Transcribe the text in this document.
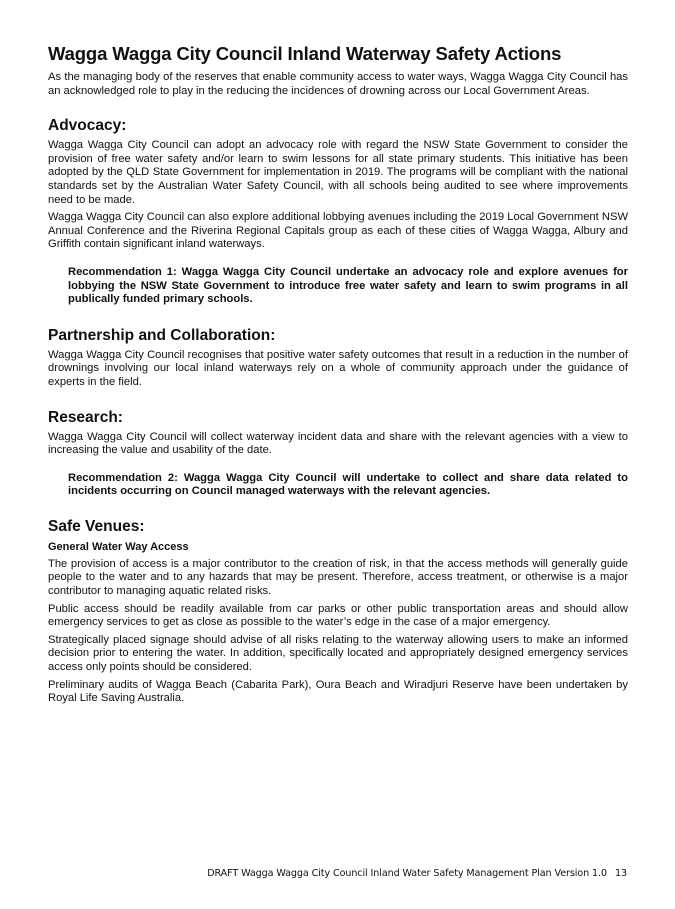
Wagga Wagga City Council Inland Waterway Safety Actions

As the managing body of the reserves that enable community access to water ways, Wagga Wagga City Council has an acknowledged role to play in the reducing the incidences of drowning across our Local Government Areas.

Advocacy:

Wagga Wagga City Council can adopt an advocacy role with regard the NSW State Government to consider the provision of free water safety and/or learn to swim lessons for all state primary students. This initiative has been adopted by the QLD State Government for implementation in 2019. The programs will be compliant with the national standards set by the Australian Water Safety Council, with all schools being audited to see where improvements need to be made.

Wagga Wagga City Council can also explore additional lobbying avenues including the 2019 Local Government NSW Annual Conference and the Riverina Regional Capitals group as each of these cities of Wagga Wagga, Albury and Griffith contain significant inland waterways.

Recommendation 1: Wagga Wagga City Council undertake an advocacy role and explore avenues for lobbying the NSW State Government to introduce free water safety and learn to swim programs in all publically funded primary schools.
Partnership and Collaboration:

Wagga Wagga City Council recognises that positive water safety outcomes that result in a reduction in the number of drownings involving our local inland waterways rely on a whole of community approach under the guidance of experts in the field.

Research:

Wagga Wagga City Council will collect waterway incident data and share with the relevant agencies with a view to increasing the value and usability of the date.

Recommendation 2: Wagga Wagga City Council will undertake to collect and share data related to incidents occurring on Council managed waterways with the relevant agencies.
Safe Venues:
General Water Way Access

The provision of access is a major contributor to the creation of risk, in that the access methods will generally guide people to the water and to any hazards that may be present. Therefore, access treatment, or otherwise is a major contributor to managing aquatic related risks.

Public access should be readily available from car parks or other public transportation areas and should allow emergency services to get as close as possible to the water’s edge in the case of a major emergency.

Strategically placed signage should advise of all risks relating to the waterway allowing users to make an informed decision prior to entering the water. In addition, specifically located and appropriately designed emergency services access only points should be considered.

Preliminary audits of Wagga Beach (Cabarita Park), Oura Beach and Wiradjuri Reserve have been undertaken by Royal Life Saving Australia.

DRAFT Wagga Wagga City Council Inland Water Safety Management Plan Version 1.0 13
